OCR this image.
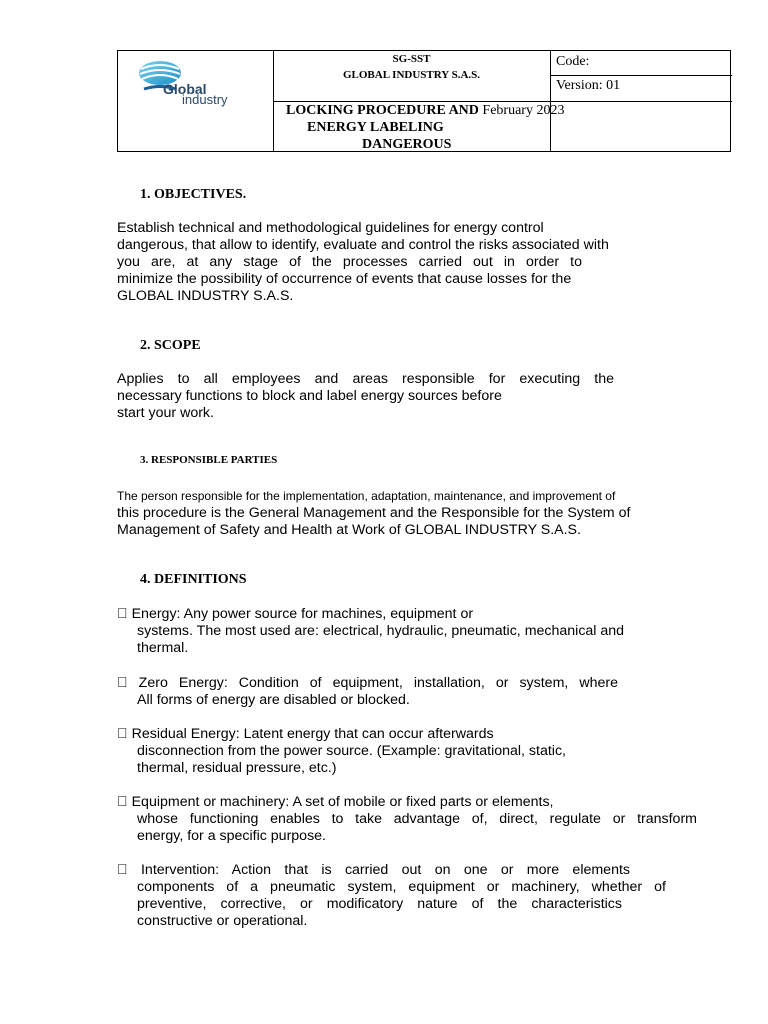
Global
industry
SG-SST
GLOBAL INDUSTRY S.A.S.
Code:
Version: 01
LOCKING PROCEDURE AND February 2023
ENERGY LABELING
DANGEROUS
1. OBJECTIVES.
Establish technical and methodological guidelines for energy control
dangerous, that allow to identify, evaluate and control the risks associated with
you are, at any stage of the processes carried out in order to
minimize the possibility of occurrence of events that cause losses for the
GLOBAL INDUSTRY S.A.S.
2. SCOPE
Applies to all employees and areas responsible for executing the
necessary functions to block and label energy sources before
start your work.
3. RESPONSIBLE PARTIES
The person responsible for the implementation, adaptation, maintenance, and improvement of
this procedure is the General Management and the Responsible for the System of
Management of Safety and Health at Work of GLOBAL INDUSTRY S.A.S.
4. DEFINITIONS
Energy: Any power source for machines, equipment or
systems. The most used are: electrical, hydraulic, pneumatic, mechanical and
thermal.
Zero Energy: Condition of equipment, installation, or system, where
All forms of energy are disabled or blocked.
Residual Energy: Latent energy that can occur afterwards
disconnection from the power source. (Example: gravitational, static,
thermal, residual pressure, etc.)
Equipment or machinery: A set of mobile or fixed parts or elements,
whose functioning enables to take advantage of, direct, regulate or transform
energy, for a specific purpose.
Intervention: Action that is carried out on one or more elements
components of a pneumatic system, equipment or machinery, whether of
preventive, corrective, or modificatory nature of the characteristics
constructive or operational.
